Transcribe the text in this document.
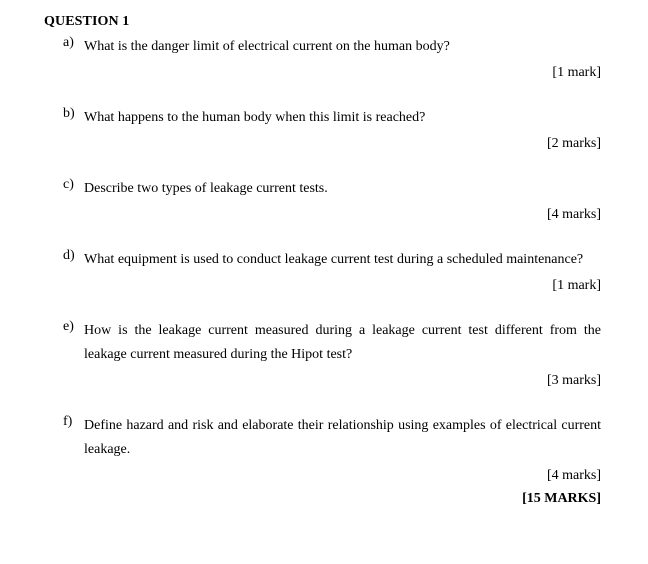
QUESTION 1
a) What is the danger limit of electrical current on the human body?
[1 mark]
b) What happens to the human body when this limit is reached?
[2 marks]
c) Describe two types of leakage current tests.
[4 marks]
d) What equipment is used to conduct leakage current test during a scheduled maintenance?
[1 mark]
e) How is the leakage current measured during a leakage current test different from the leakage current measured during the Hipot test?
[3 marks]
f) Define hazard and risk and elaborate their relationship using examples of electrical current leakage.
[4 marks]
[15 MARKS]
